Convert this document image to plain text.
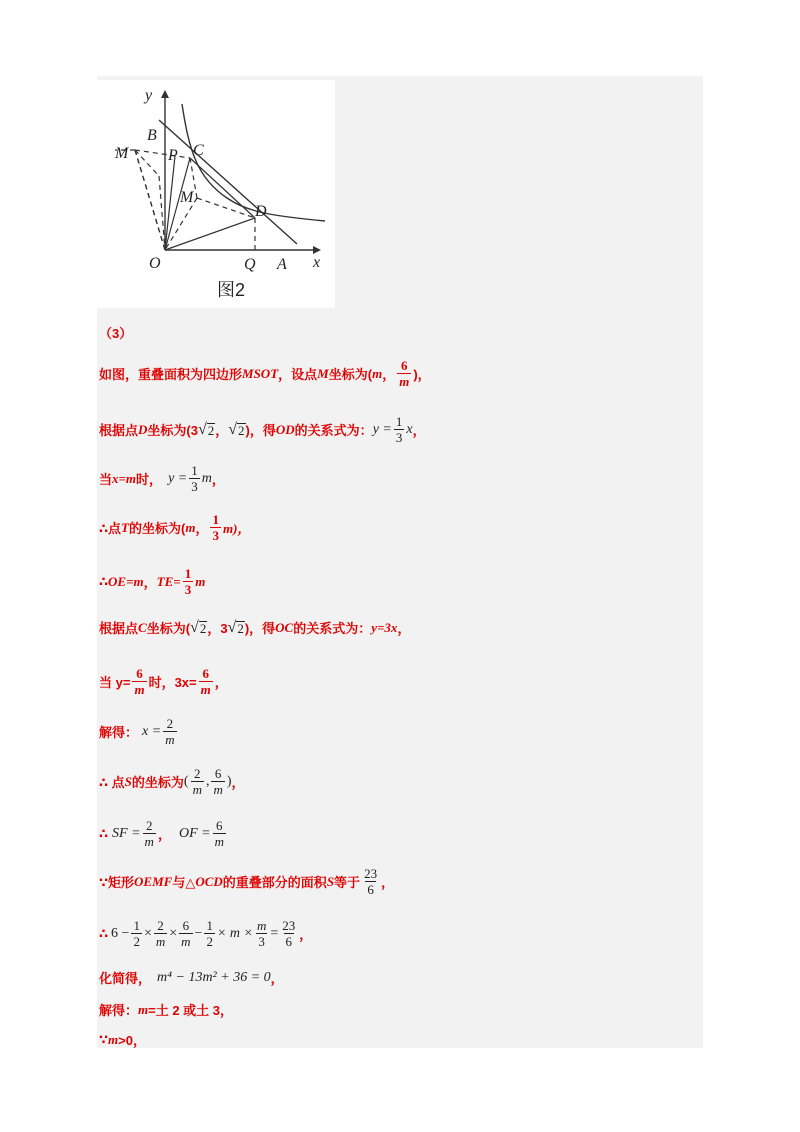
y
x
B
M P C
M
D
O	Q A
图2
（3）
如图，重叠面积为四边形 MSOT ，设点 M 坐标为( m ，
6
m )，
根据点 D 坐标为(3 √ 2 ， √ 2 )，得 OD 的关系式为： $y = \frac{1}{3}$ x ，
当 x=m 时， $y = \frac{1}{3}$ m ，
∴点 T 的坐标为( m ，
1
3 m)，
∴ OE=m ， $TE= \frac{1}{3}$ m
根据点 C 坐标为( √ 2 ，3 √ 2 )，得 OC 的关系式为： y=3x ，
当 $y= \frac{6}{m}$ 时，$3x= \frac{6}{m}$ ，
解得： $x = \frac{2}{m}$
∴ 点 S 的坐标为 ( 2
m
, 6
m
) ，
∴ SF = $\frac{2}{m}$ ， OF = $\frac{6}{m}$
∵矩形 OEMF 与△ OCD 的重叠部分的面积 S 等于
23
6 ，
∴ $6 - \frac{1}{2} \times \frac{2}{m} \times \frac{6}{m} - \frac{1}{2} \times m \times \frac{m}{3} = \frac{23}{6}$ ，
化简得， m⁴ − 13m² + 36 = 0 ，
解得： m =土 2 或土 3，
∵ m >0，
